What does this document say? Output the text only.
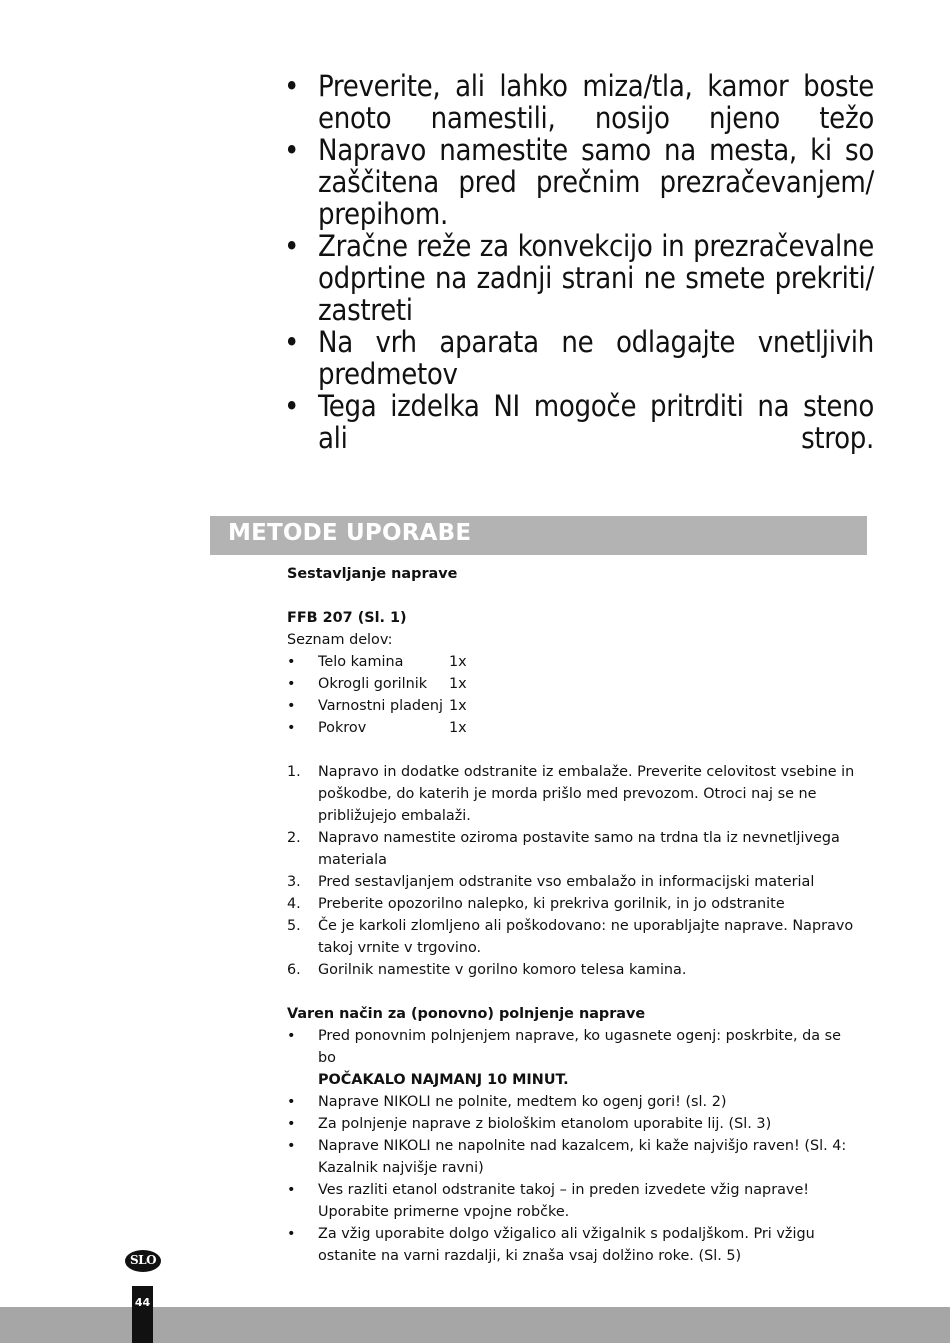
• Preverite, ali lahko miza/tla, kamor boste enoto namestili, nosijo njeno težo
• Napravo namestite samo na mesta, ki so zaščitena pred prečnim prezračevanjem/ prepihom.
• Zračne reže za konvekcijo in prezračevalne odprtine na zadnji strani ne smete prekriti/ zastreti
• Na vrh aparata ne odlagajte vnetljivih predmetov
• Tega izdelka NI mogoče pritrditi na steno ali strop.
METODE UPORABE
Sestavljanje naprave
FFB 207 (Sl. 1)
Seznam delov:
• Telo kamina	1x
• Okrogli gorilnik 1x
• Varnostni pladenj 1x
• Pokrov	1x
1. Napravo in dodatke odstranite iz embalaže. Preverite celovitost vsebine in poškodbe, do katerih je morda prišlo med prevozom. Otroci naj se ne približujejo embalaži.
2. Napravo namestite oziroma postavite samo na trdna tla iz nevnetljivega materiala
3. Pred sestavljanjem odstranite vso embalažo in informacijski material
4. Preberite opozorilno nalepko, ki prekriva gorilnik, in jo odstranite
5. Če je karkoli zlomljeno ali poškodovano: ne uporabljajte naprave. Napravo takoj vrnite v trgovino.
6. Gorilnik namestite v gorilno komoro telesa kamina.
Varen način za (ponovno) polnjenje naprave
• Pred ponovnim polnjenjem naprave, ko ugasnete ogenj: poskrbite, da se bo
POČAKALO NAJMANJ 10 MINUT.
• Naprave NIKOLI ne polnite, medtem ko ogenj gori! (sl. 2)
• Za polnjenje naprave z biološkim etanolom uporabite lij. (Sl. 3)
• Naprave NIKOLI ne napolnite nad kazalcem, ki kaže najvišjo raven! (Sl. 4: Kazalnik najvišje ravni)
• Ves razliti etanol odstranite takoj – in preden izvedete vžig naprave! Uporabite primerne vpojne robčke.
• Za vžig uporabite dolgo vžigalico ali vžigalnik s podaljškom. Pri vžigu ostanite na varni razdalji, ki znaša vsaj dolžino roke. (Sl. 5)
SLO
44
